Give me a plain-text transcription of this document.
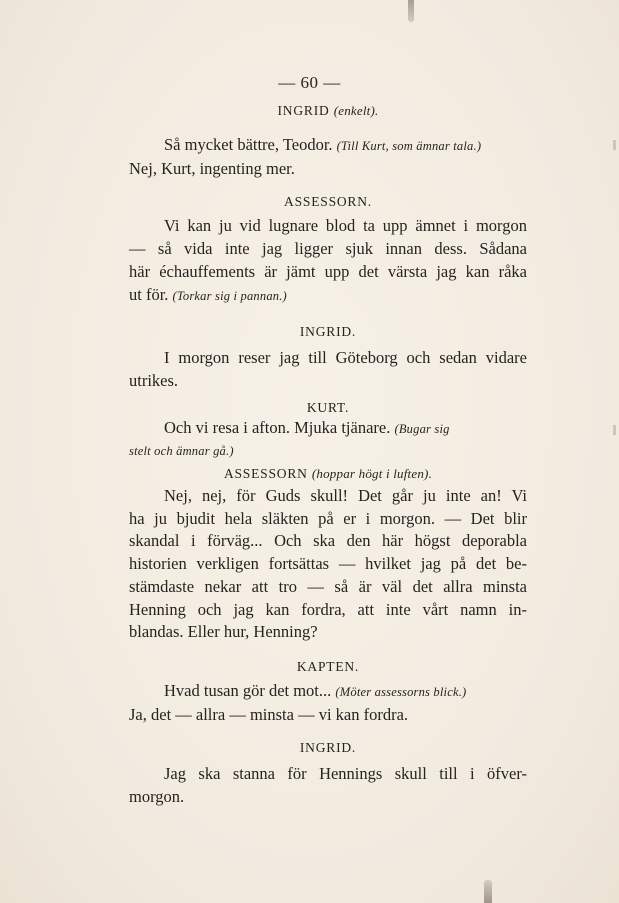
— 60 —

INGRID (enkelt).

Så mycket bättre, Teodor. (Till Kurt, som ämnar tala.)

Nej, Kurt, ingenting mer.

ASSESSORN.

Vi kan ju vid lugnare blod ta upp ämnet i morgon

— så vida inte jag ligger sjuk innan dess. Sådana

här échauffements är jämt upp det värsta jag kan råka

ut för. (Torkar sig i pannan.)

INGRID.

I morgon reser jag till Göteborg och sedan vidare

utrikes.

KURT.

Och vi resa i afton. Mjuka tjänare. (Bugar sig

stelt och ämnar gå.)

ASSESSORN (hoppar högt i luften).

Nej, nej, för Guds skull! Det går ju inte an! Vi

ha ju bjudit hela släkten på er i morgon. — Det blir

skandal i förväg... Och ska den här högst deporabla

historien verkligen fortsättas — hvilket jag på det be-

stämdaste nekar att tro — så är väl det allra minsta

Henning och jag kan fordra, att inte vårt namn in-

blandas. Eller hur, Henning?

KAPTEN.

Hvad tusan gör det mot... (Möter assessorns blick.)

Ja, det — allra — minsta — vi kan fordra.

INGRID.

Jag ska stanna för Hennings skull till i öfver-

morgon.
